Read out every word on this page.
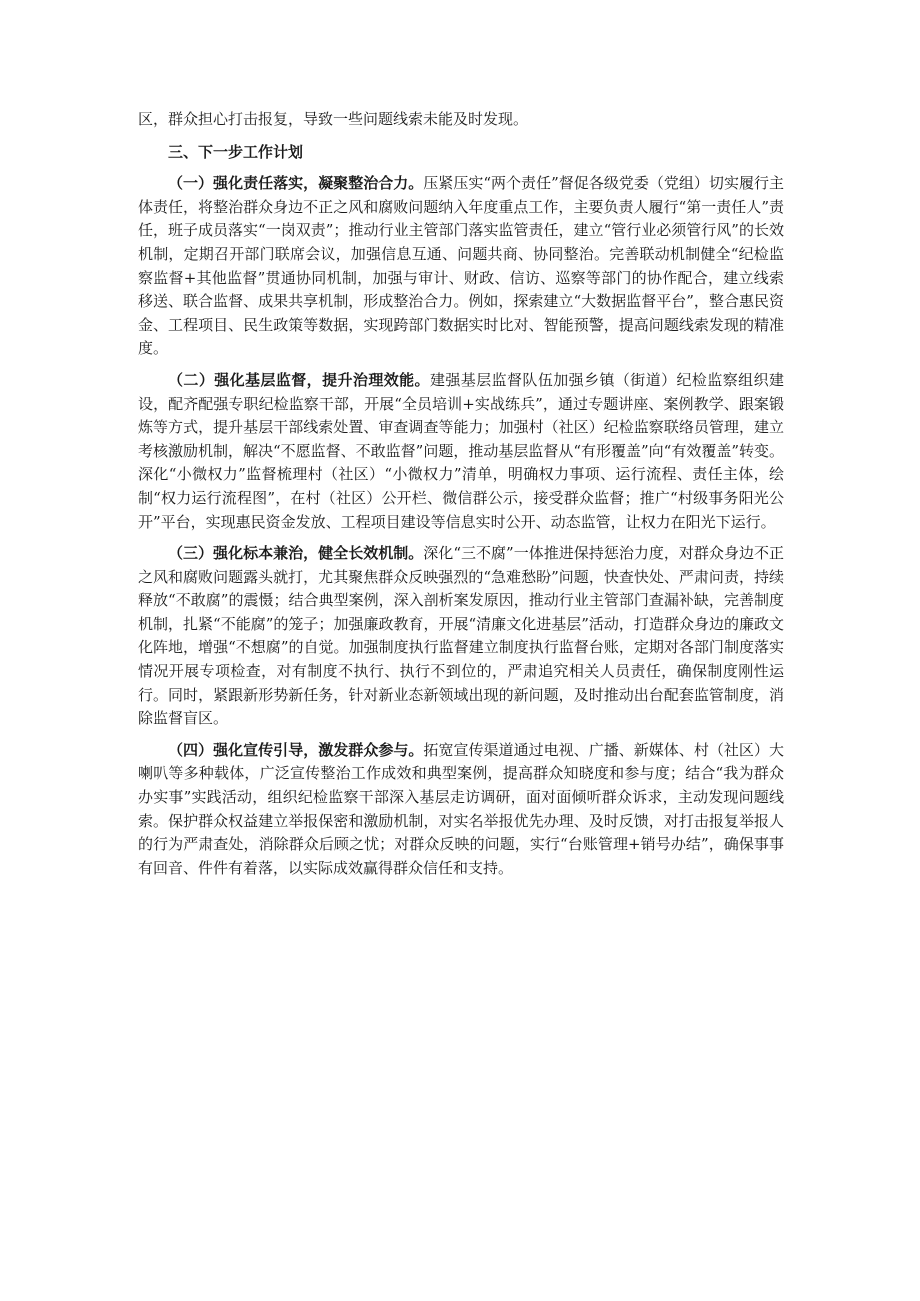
区，群众担心打击报复，导致一些问题线索未能及时发现。

三、下一步工作计划

（一）强化责任落实，凝聚整治合力。压紧压实“两个责任”督促各级党委（党组）切实履行主体责任，将整治群众身边不正之风和腐败问题纳入年度重点工作，主要负责人履行“第一责任人”责任，班子成员落实“一岗双责”；推动行业主管部门落实监管责任，建立“管行业必须管行风”的长效机制，定期召开部门联席会议，加强信息互通、问题共商、协同整治。完善联动机制健全“纪检监察监督+其他监督”贯通协同机制，加强与审计、财政、信访、巡察等部门的协作配合，建立线索移送、联合监督、成果共享机制，形成整治合力。例如，探索建立“大数据监督平台”，整合惠民资金、工程项目、民生政策等数据，实现跨部门数据实时比对、智能预警，提高问题线索发现的精准度。

（二）强化基层监督，提升治理效能。建强基层监督队伍加强乡镇（街道）纪检监察组织建设，配齐配强专职纪检监察干部，开展“全员培训+实战练兵”，通过专题讲座、案例教学、跟案锻炼等方式，提升基层干部线索处置、审查调查等能力；加强村（社区）纪检监察联络员管理，建立考核激励机制，解决“不愿监督、不敢监督”问题，推动基层监督从“有形覆盖”向“有效覆盖”转变。深化“小微权力”监督梳理村（社区）“小微权力”清单，明确权力事项、运行流程、责任主体，绘制“权力运行流程图”，在村（社区）公开栏、微信群公示，接受群众监督；推广“村级事务阳光公开”平台，实现惠民资金发放、工程项目建设等信息实时公开、动态监管，让权力在阳光下运行。

（三）强化标本兼治，健全长效机制。深化“三不腐”一体推进保持惩治力度，对群众身边不正之风和腐败问题露头就打，尤其聚焦群众反映强烈的“急难愁盼”问题，快查快处、严肃问责，持续释放“不敢腐”的震慑；结合典型案例，深入剖析案发原因，推动行业主管部门查漏补缺，完善制度机制，扎紧“不能腐”的笼子；加强廉政教育，开展“清廉文化进基层”活动，打造群众身边的廉政文化阵地，增强“不想腐”的自觉。加强制度执行监督建立制度执行监督台账，定期对各部门制度落实情况开展专项检查，对有制度不执行、执行不到位的，严肃追究相关人员责任，确保制度刚性运行。同时，紧跟新形势新任务，针对新业态新领域出现的新问题，及时推动出台配套监管制度，消除监督盲区。

（四）强化宣传引导，激发群众参与。拓宽宣传渠道通过电视、广播、新媒体、村（社区）大喇叭等多种载体，广泛宣传整治工作成效和典型案例，提高群众知晓度和参与度；结合“我为群众办实事”实践活动，组织纪检监察干部深入基层走访调研，面对面倾听群众诉求，主动发现问题线索。保护群众权益建立举报保密和激励机制，对实名举报优先办理、及时反馈，对打击报复举报人的行为严肃查处，消除群众后顾之忧；对群众反映的问题，实行“台账管理+销号办结”，确保事事有回音、件件有着落，以实际成效赢得群众信任和支持。
